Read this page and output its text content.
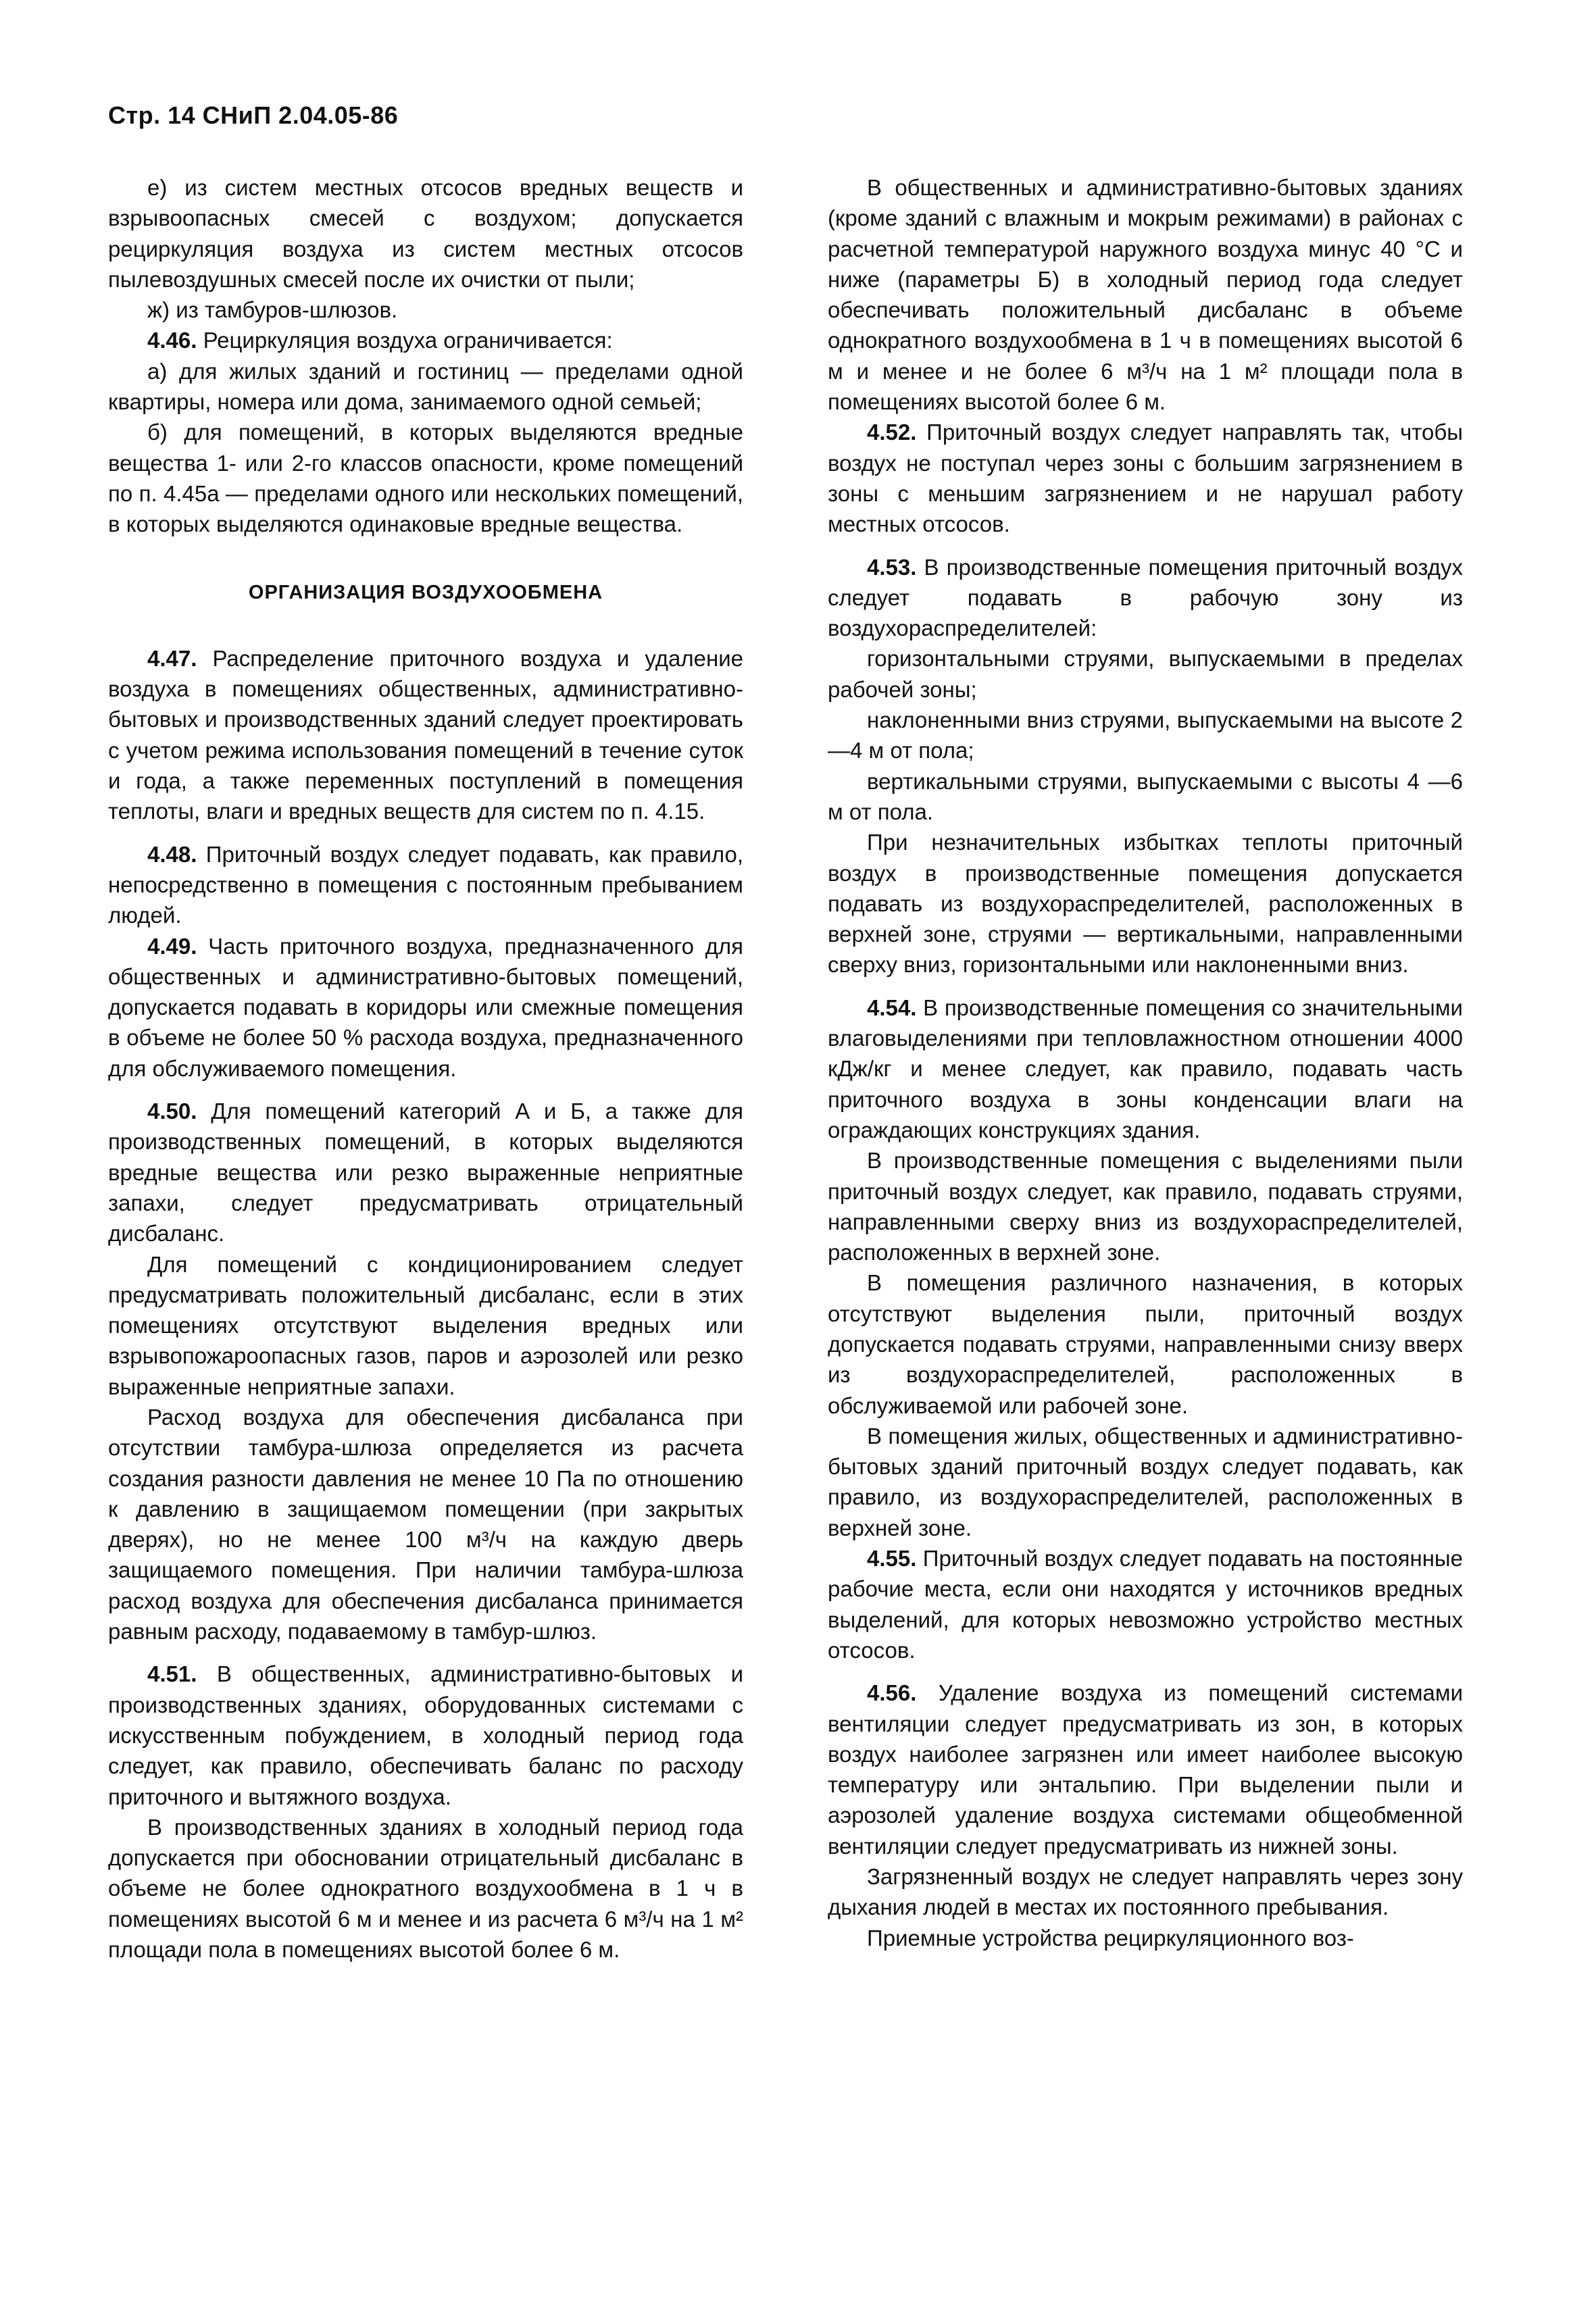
Стр. 14 СНиП 2.04.05-86

е) из систем местных отсосов вредных веществ и взрывоопасных смесей с воздухом; допускается рециркуляция воздуха из систем местных отсосов пылевоздушных смесей после их очистки от пыли;

ж) из тамбуров-шлюзов.

4.46. Рециркуляция воздуха ограничивается:

а) для жилых зданий и гостиниц — пределами одной квартиры, номера или дома, занимаемого одной семьей;

б) для помещений, в которых выделяются вредные вещества 1- или 2-го классов опасности, кроме помещений по п. 4.45а — пределами одного или нескольких помещений, в которых выделяются одинаковые вредные вещества.

ОРГАНИЗАЦИЯ ВОЗДУХООБМЕНА

4.47. Распределение приточного воздуха и удаление воздуха в помещениях общественных, административно-бытовых и производственных зданий следует проектировать с учетом режима использования помещений в течение суток и года, а также переменных поступлений в помещения теплоты, влаги и вредных веществ для систем по п. 4.15.

4.48. Приточный воздух следует подавать, как правило, непосредственно в помещения с постоянным пребыванием людей.

4.49. Часть приточного воздуха, предназначенного для общественных и административно-бытовых помещений, допускается подавать в коридоры или смежные помещения в объеме не более 50 % расхода воздуха, предназначенного для обслуживаемого помещения.

4.50. Для помещений категорий А и Б, а также для производственных помещений, в которых выделяются вредные вещества или резко выраженные неприятные запахи, следует предусматривать отрицательный дисбаланс.

Для помещений с кондиционированием следует предусматривать положительный дисбаланс, если в этих помещениях отсутствуют выделения вредных или взрывопожароопасных газов, паров и аэрозолей или резко выраженные неприятные запахи.

Расход воздуха для обеспечения дисбаланса при отсутствии тамбура-шлюза определяется из расчета создания разности давления не менее 10 Па по отношению к давлению в защищаемом помещении (при закрытых дверях), но не менее 100 м³/ч на каждую дверь защищаемого помещения. При наличии тамбура-шлюза расход воздуха для обеспечения дисбаланса принимается равным расходу, подаваемому в тамбур-шлюз.

4.51. В общественных, административно-бытовых и производственных зданиях, оборудованных системами с искусственным побуждением, в холодный период года следует, как правило, обеспечивать баланс по расходу приточного и вытяжного воздуха.

В производственных зданиях в холодный период года допускается при обосновании отрицательный дисбаланс в объеме не более однократного воздухообмена в 1 ч в помещениях высотой 6 м и менее и из расчета 6 м³/ч на 1 м² площади пола в помещениях высотой более 6 м.

В общественных и административно-бытовых зданиях (кроме зданий с влажным и мокрым режимами) в районах с расчетной температурой наружного воздуха минус 40 °С и ниже (параметры Б) в холодный период года следует обеспечивать положительный дисбаланс в объеме однократного воздухообмена в 1 ч в помещениях высотой 6 м и менее и не более 6 м³/ч на 1 м² площади пола в помещениях высотой более 6 м.

4.52. Приточный воздух следует направлять так, чтобы воздух не поступал через зоны с большим загрязнением в зоны с меньшим загрязнением и не нарушал работу местных отсосов.

4.53. В производственные помещения приточный воздух следует подавать в рабочую зону из воздухораспределителей:

горизонтальными струями, выпускаемыми в пределах рабочей зоны;

наклоненными вниз струями, выпускаемыми на высоте 2—4 м от пола;

вертикальными струями, выпускаемыми с высоты 4 —6 м от пола.

При незначительных избытках теплоты приточный воздух в производственные помещения допускается подавать из воздухораспределителей, расположенных в верхней зоне, струями — вертикальными, направленными сверху вниз, горизонтальными или наклоненными вниз.

4.54. В производственные помещения со значительными влаговыделениями при тепловлажностном отношении 4000 кДж/кг и менее следует, как правило, подавать часть приточного воздуха в зоны конденсации влаги на ограждающих конструкциях здания.

В производственные помещения с выделениями пыли приточный воздух следует, как правило, подавать струями, направленными сверху вниз из воздухораспределителей, расположенных в верхней зоне.

В помещения различного назначения, в которых отсутствуют выделения пыли, приточный воздух допускается подавать струями, направленными снизу вверх из воздухораспределителей, расположенных в обслуживаемой или рабочей зоне.

В помещения жилых, общественных и административно-бытовых зданий приточный воздух следует подавать, как правило, из воздухораспределителей, расположенных в верхней зоне.

4.55. Приточный воздух следует подавать на постоянные рабочие места, если они находятся у источников вредных выделений, для которых невозможно устройство местных отсосов.

4.56. Удаление воздуха из помещений системами вентиляции следует предусматривать из зон, в которых воздух наиболее загрязнен или имеет наиболее высокую температуру или энтальпию. При выделении пыли и аэрозолей удаление воздуха системами общеобменной вентиляции следует предусматривать из нижней зоны.

Загрязненный воздух не следует направлять через зону дыхания людей в местах их постоянного пребывания.

Приемные устройства рециркуляционного воз-
